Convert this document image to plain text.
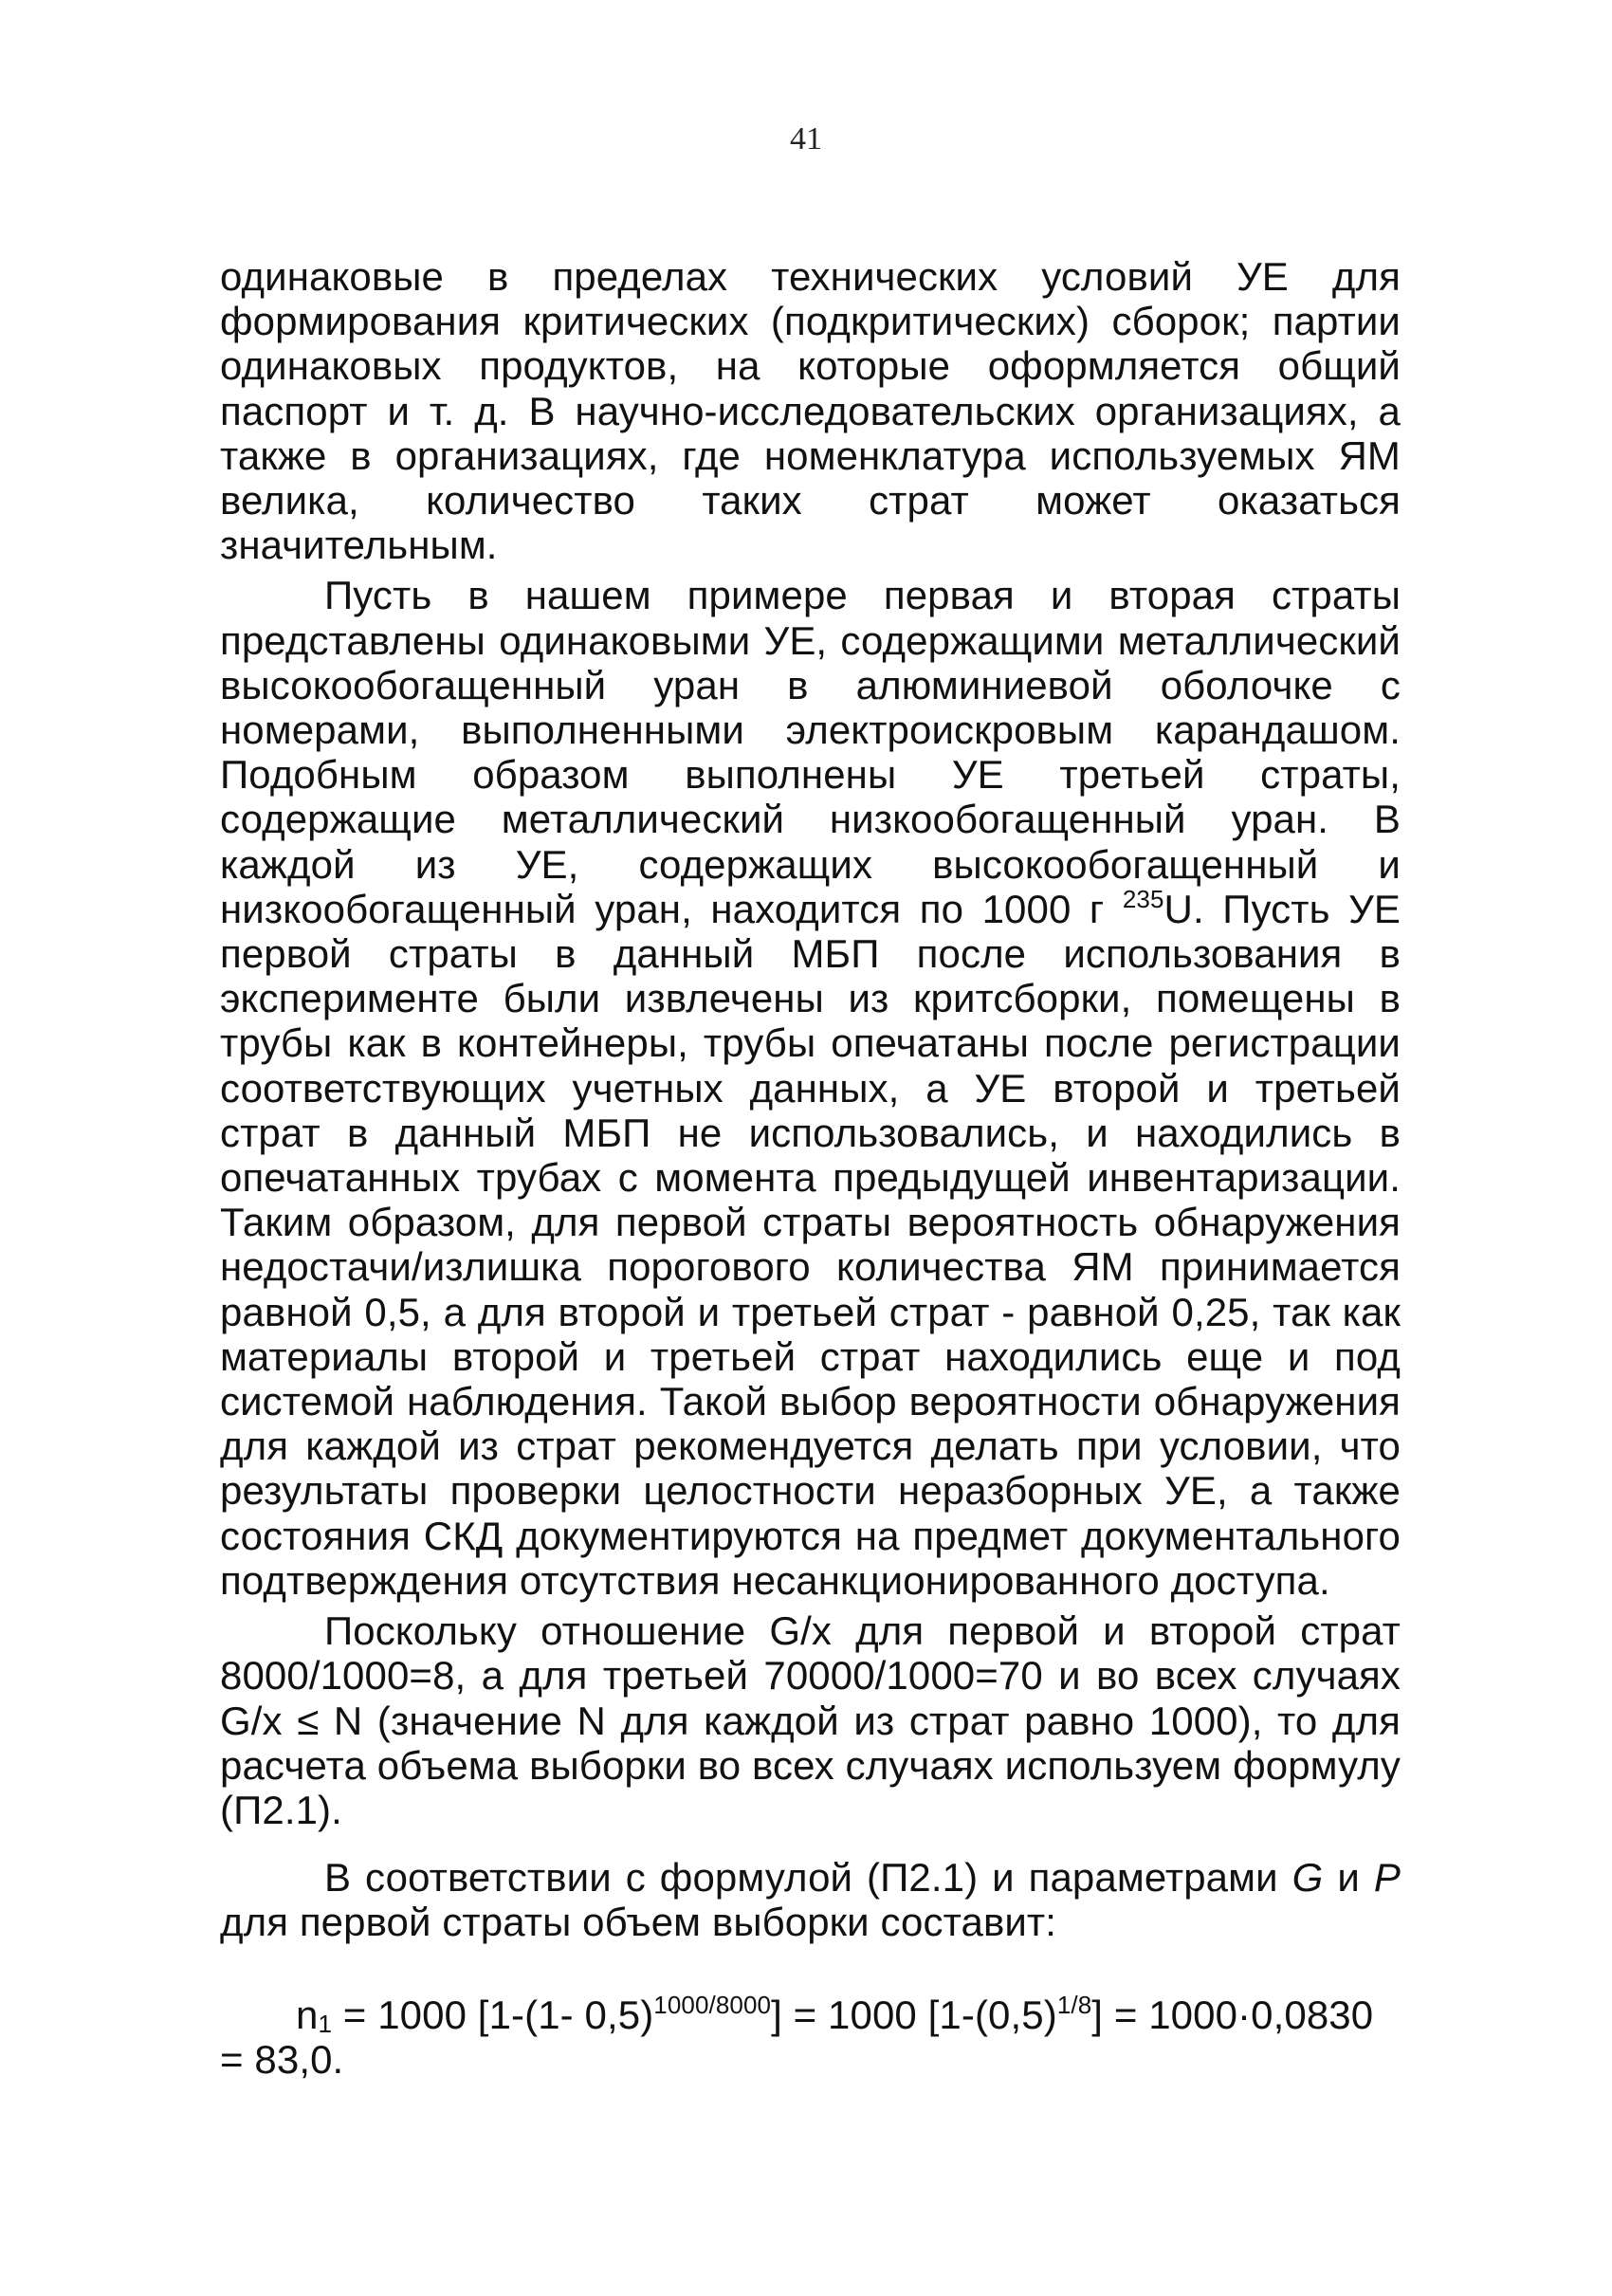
41

одинаковые в пределах технических условий УЕ для формирования критических (подкритических) сборок; партии одинаковых продуктов, на которые оформляется общий паспорт и т. д. В научно-исследовательских организациях, а также в организациях, где номенклатура используемых ЯМ велика, количество таких страт может оказаться значительным.

Пусть в нашем примере первая и вторая страты представлены одинаковыми УЕ, содержащими металлический высокообогащенный уран в алюминиевой оболочке с номерами, выполненными электроискровым карандашом. Подобным образом выполнены УЕ третьей страты, содержащие металлический низкообогащенный уран. В каждой из УЕ, содержащих высокообогащенный и низкообогащенный уран, находится по 1000 г $^{235}$U. Пусть УЕ первой страты в данный МБП после использования в эксперименте были извлечены из критсборки, помещены в трубы как в контейнеры, трубы опечатаны после регистрации соответствующих учетных данных, а УЕ второй и третьей страт в данный МБП не использовались, и находились в опечатанных трубах с момента предыдущей инвентаризации. Таким образом, для первой страты вероятность обнаружения недостачи/излишка порогового количества ЯМ принимается равной 0,5, а для второй и третьей страт - равной 0,25, так как материалы второй и третьей страт находились еще и под системой наблюдения. Такой выбор вероятности обнаружения для каждой из страт рекомендуется делать при условии, что результаты проверки целостности неразборных УЕ, а также состояния СКД документируются на предмет документального подтверждения отсутствия несанкционированного доступа.

Поскольку отношение G/x для первой и второй страт 8000/1000=8, а для третьей 70000/1000=70 и во всех случаях G/x ≤ N (значение N для каждой из страт равно 1000), то для расчета объема выборки во всех случаях используем формулу (П2.1).

В соответствии с формулой (П2.1) и параметрами G и P для первой страты объем выборки составит:

$n_1 = 1000$ [1-(1- 0,5)$^{1000/8000}$] = 1000 $[1-(0,5)^{1/8}] = 1000\cdot 0,0830 = 83,0$.
